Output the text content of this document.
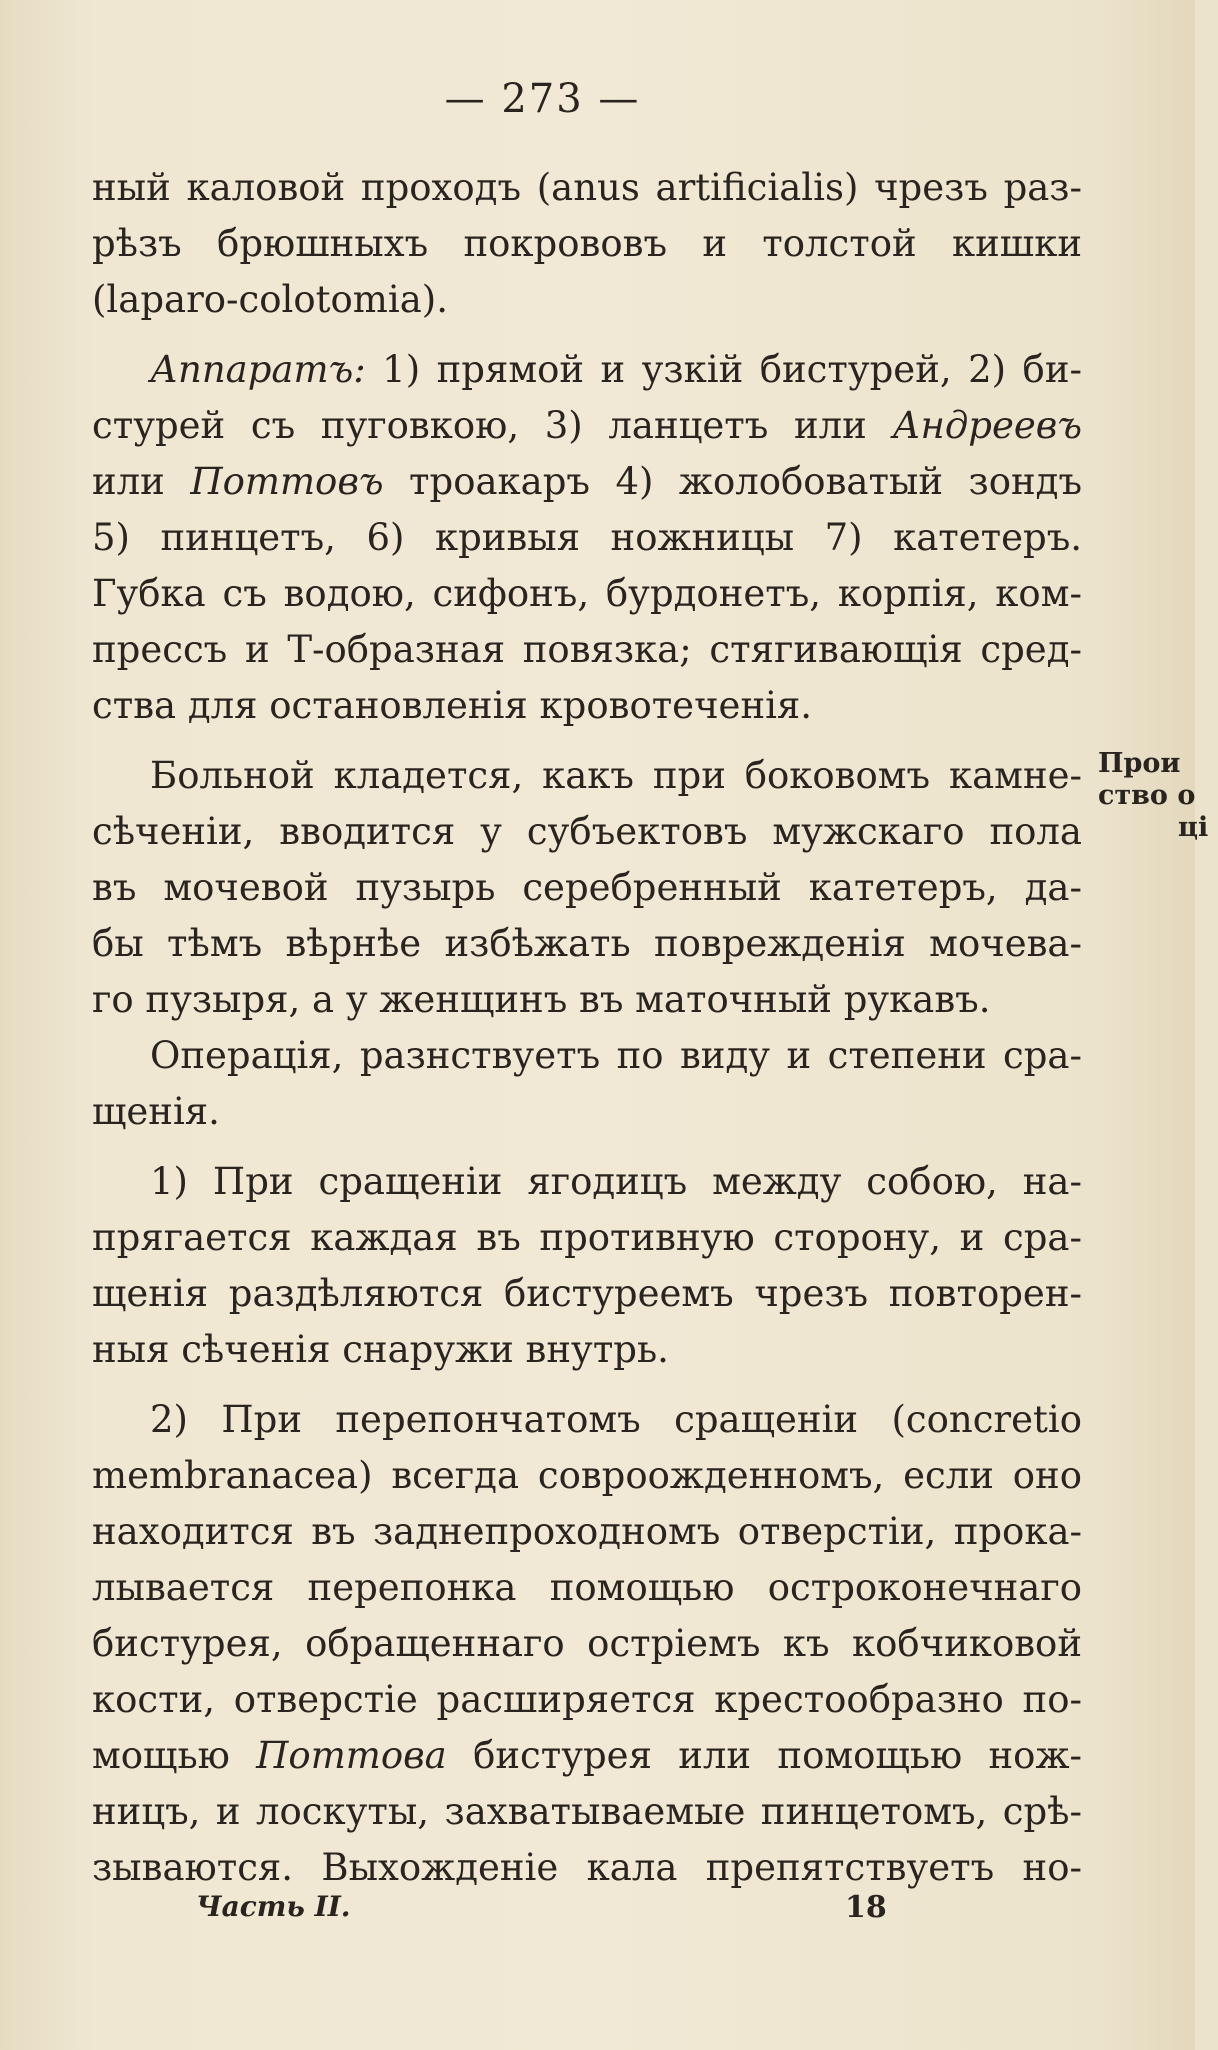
— 273 —
ный каловой проходъ (anus artificialis) чрезъ раз-
рѣзъ брюшныхъ покрововъ и толстой кишки
(laparo-colotomia).
Аппаратъ: 1) прямой и узкій бистурей, 2) би-
стурей съ пуговкою, 3) ланцетъ или Андреевъ
или Поттовъ троакаръ 4) жолобоватый зондъ
5) пинцетъ, 6) кривыя ножницы 7) катетеръ.
Губка съ водою, сифонъ, бурдонетъ, корпія, ком-
прессъ и Т-образная повязка; стягивающія сред-
ства для остановленія кровотеченія.
Больной кладется, какъ при боковомъ камне-
сѣченіи, вводится у субъектовъ мужскаго пола
въ мочевой пузырь серебренный катетеръ, да-
бы тѣмъ вѣрнѣе избѣжать поврежденія мочева-
го пузыря, а у женщинъ въ маточный рукавъ.
Операція, разнствуетъ по виду и степени сра-
щенія.
1) При сращеніи ягодицъ между собою, на-
прягается каждая въ противную сторону, и сра-
щенія раздѣляются бистуреемъ чрезъ повторен-
ныя сѣченія снаружи внутрь.
2) При перепончатомъ сращеніи (concretio
membranacea) всегда совроожденномъ, если оно
находится въ заднепроходномъ отверстіи, прока-
лывается перепонка помощью остроконечнаго
бистурея, обращеннаго остріемъ къ кобчиковой
кости, отверстіе расширяется крестообразно по-
мощью Поттова бистурея или помощью нож-
ницъ, и лоскуты, захватываемые пинцетомъ, срѣ-
зываются. Выхожденіе кала препятствуетъ но-
Прои
ство о
ці
Часть II.	18
